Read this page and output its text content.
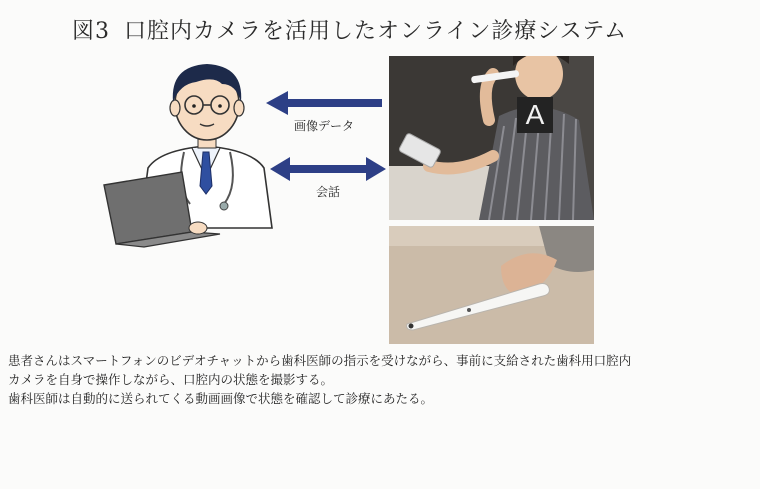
図3 口腔内カメラを活用したオンライン診療システム
画像データ
会話
A
患者さんはスマートフォンのビデオチャットから歯科医師の指示を受けながら、事前に支給された歯科用口腔内
カメラを自身で操作しながら、口腔内の状態を撮影する。
歯科医師は自動的に送られてくる動画画像で状態を確認して診療にあたる。
